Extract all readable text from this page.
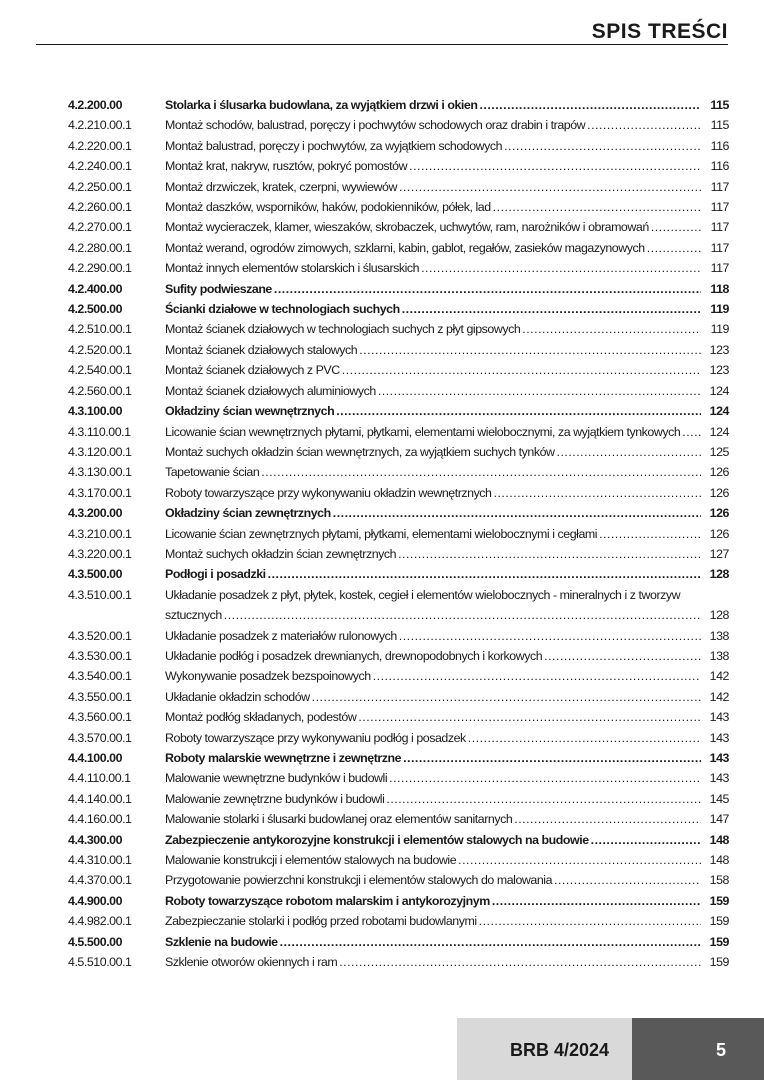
SPIS TREŚCI
4.2.200.00	Stolarka i ślusarka budowlana, za wyjątkiem drzwi i okien .....	115
4.2.210.00.1	Montaż schodów, balustrad, poręczy i pochwytów schodowych oraz drabin i trapów .....	115
4.2.220.00.1	Montaż balustrad, poręczy i pochwytów, za wyjątkiem schodowych .....	116
4.2.240.00.1	Montaż krat, nakryw, rusztów, pokryć pomostów .....	116
4.2.250.00.1	Montaż drzwiczek, kratek, czerpni, wywiewów .....	117
4.2.260.00.1	Montaż daszków, wsporników, haków, podokienników, półek, lad .....	117
4.2.270.00.1	Montaż wycieraczek, klamer, wieszaków, skrobaczek, uchwytów, ram, narożników i obramowań .....	117
4.2.280.00.1	Montaż werand, ogrodów zimowych, szklarni, kabin, gablot, regałów, zasieków magazynowych .....	117
4.2.290.00.1	Montaż innych elementów stolarskich i ślusarskich .....	117
4.2.400.00	Sufity podwieszane .....	118
4.2.500.00	Ścianki działowe w technologiach suchych .....	119
4.2.510.00.1	Montaż ścianek działowych w technologiach suchych z płyt gipsowych .....	119
4.2.520.00.1	Montaż ścianek działowych stalowych .....	123
4.2.540.00.1	Montaż ścianek działowych z PVC .....	123
4.2.560.00.1	Montaż ścianek działowych aluminiowych .....	124
4.3.100.00	Okładziny ścian wewnętrznych .....	124
4.3.110.00.1	Licowanie ścian wewnętrznych płytami, płytkami, elementami wielobocznymi, za wyjątkiem tynkowych .....	124
4.3.120.00.1	Montaż suchych okładzin ścian wewnętrznych, za wyjątkiem suchych tynków .....	125
4.3.130.00.1	Tapetowanie ścian .....	126
4.3.170.00.1	Roboty towarzyszące przy wykonywaniu okładzin wewnętrznych .....	126
4.3.200.00	Okładziny ścian zewnętrznych .....	126
4.3.210.00.1	Licowanie ścian zewnętrznych płytami, płytkami, elementami wielobocznymi i cegłami .....	126
4.3.220.00.1	Montaż suchych okładzin ścian zewnętrznych .....	127
4.3.500.00	Podłogi i posadzki .....	128
4.3.510.00.1	Układanie posadzek z płyt, płytek, kostek, cegieł i elementów wielobocznych - mineralnych i z tworzyw
sztucznych .....	128
4.3.520.00.1	Układanie posadzek z materiałów rulonowych .....	138
4.3.530.00.1	Układanie podłóg i posadzek drewnianych, drewnopodobnych i korkowych .....	138
4.3.540.00.1	Wykonywanie posadzek bezspoinowych .....	142
4.3.550.00.1	Układanie okładzin schodów .....	142
4.3.560.00.1	Montaż podłóg składanych, podestów .....	143
4.3.570.00.1	Roboty towarzyszące przy wykonywaniu podłóg i posadzek .....	143
4.4.100.00	Roboty malarskie wewnętrzne i zewnętrzne .....	143
4.4.110.00.1	Malowanie wewnętrzne budynków i budowli .....	143
4.4.140.00.1	Malowanie zewnętrzne budynków i budowli .....	145
4.4.160.00.1	Malowanie stolarki i ślusarki budowlanej oraz elementów sanitarnych .....	147
4.4.300.00	Zabezpieczenie antykorozyjne konstrukcji i elementów stalowych na budowie .....	148
4.4.310.00.1	Malowanie konstrukcji i elementów stalowych na budowie .....	148
4.4.370.00.1	Przygotowanie powierzchni konstrukcji i elementów stalowych do malowania .....	158
4.4.900.00	Roboty towarzyszące robotom malarskim i antykorozyjnym .....	159
4.4.982.00.1	Zabezpieczanie stolarki i podłóg przed robotami budowlanymi .....	159
4.5.500.00	Szklenie na budowie .....	159
4.5.510.00.1	Szklenie otworów okiennych i ram .....	159
BRB 4/2024	5
